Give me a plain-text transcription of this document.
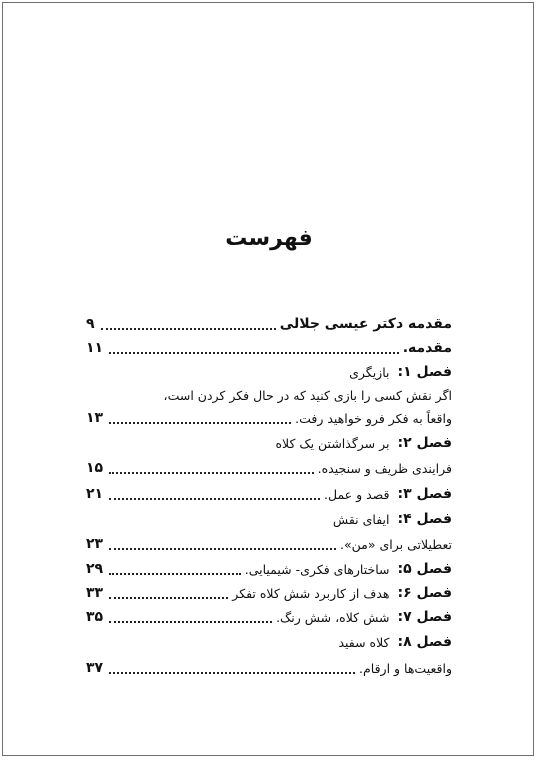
فهرست
مقدمه دکتر عیسی جلالی
۹
مقدمه.
۱۱
فصل ۱:
بازیگری
اگر نقش کسی را بازی کنید که در حال فکر کردن است،
واقعاً به فکر فرو خواهید رفت.
۱۳
فصل ۲:
بر سرگذاشتن یک کلاه
فرایندی ظریف و سنجیده.
۱۵
فصل ۳:
قصد و عمل.
۲۱
فصل ۴:
ایفای نقش
تعطیلاتی برای «من».
۲۳
فصل ۵:
ساختارهای فکری- شیمیایی.
۲۹
فصل ۶:
هدف از کاربرد شش کلاه تفکر
۳۳
فصل ۷:
شش کلاه، شش رنگ.
۳۵
فصل ۸:
کلاه سفید
واقعیت‌ها و ارقام.
۳۷
